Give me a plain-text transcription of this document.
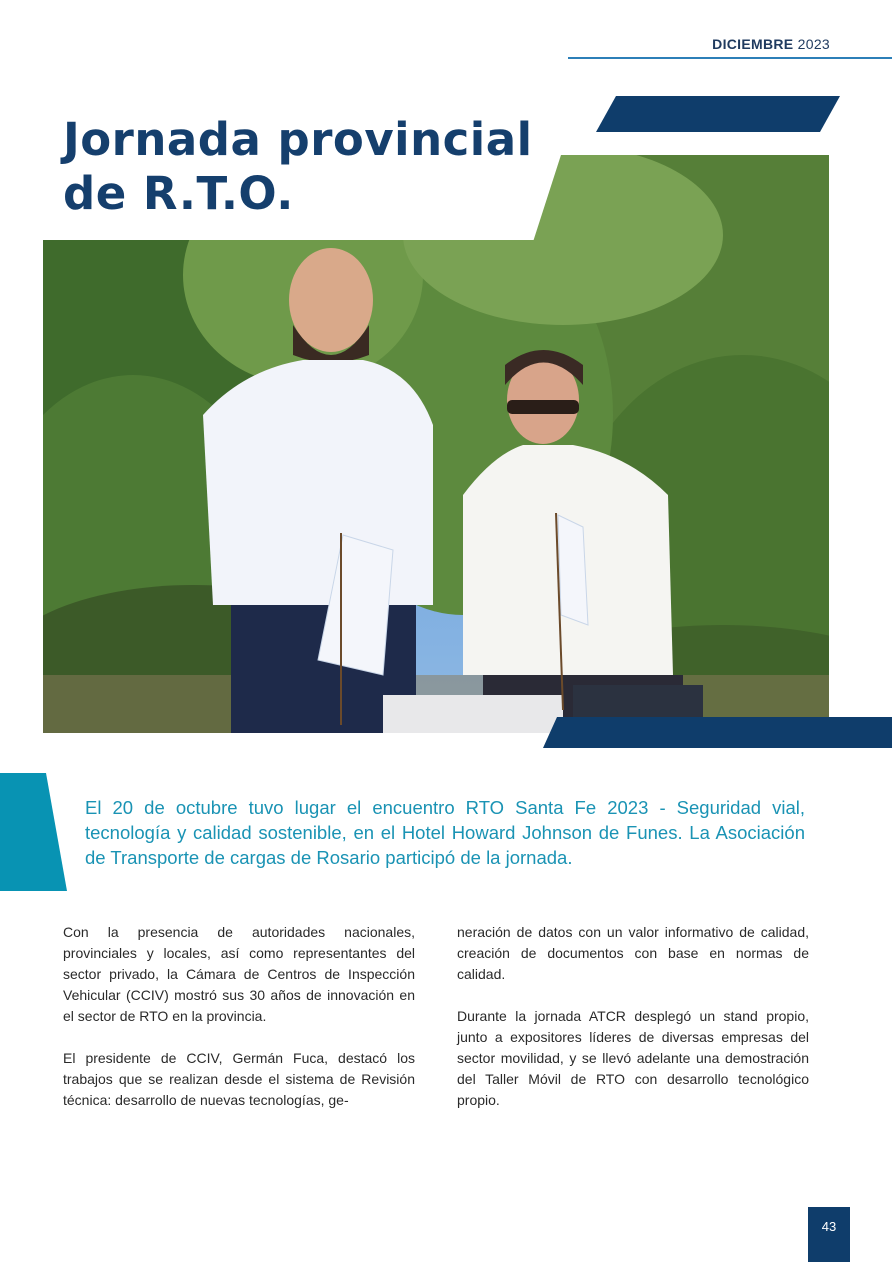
DICIEMBRE 2023
Jornada provincial
de R.T.O.

El 20 de octubre tuvo lugar el encuentro RTO Santa Fe 2023 - Seguridad vial, tecnología y calidad sostenible, en el Hotel Howard Johnson de Funes. La Asociación de Transporte de cargas de Rosario participó de la jornada.

Con la presencia de autoridades nacionales, provinciales y locales, así como representantes del sector privado, la Cámara de Centros de Inspección Vehicular (CCIV) mostró sus 30 años de innovación en el sector de RTO en la provincia.

El presidente de CCIV, Germán Fuca, destacó los trabajos que se realizan desde el sistema de Revisión técnica: desarrollo de nuevas tecnologías, ge-

neración de datos con un valor informativo de calidad, creación de documentos con base en normas de calidad.

Durante la jornada ATCR desplegó un stand propio, junto a expositores líderes de diversas empresas del sector movilidad, y se llevó adelante una demostración del Taller Móvil de RTO con desarrollo tecnológico propio.

43
